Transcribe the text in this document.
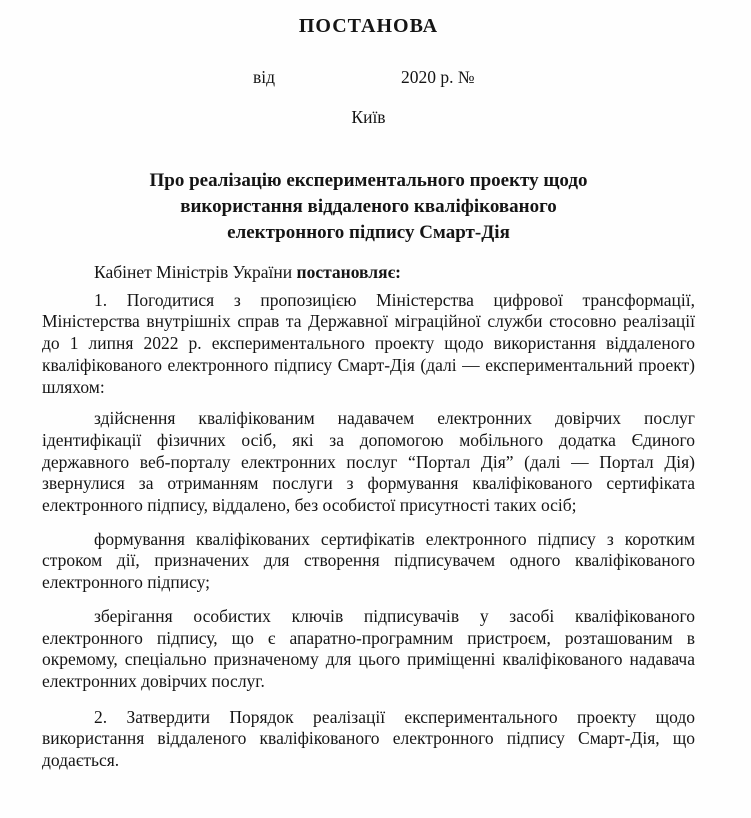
ПОСТАНОВА
від	2020 р. №
Київ
Про реалізацію експериментального проекту щодо
використання віддаленого кваліфікованого
електронного підпису Смарт-Дія
Кабінет Міністрів України постановляє:

1. Погодитися з пропозицією Міністерства цифрової трансформації, Міністерства внутрішніх справ та Державної міграційної служби стосовно реалізації до 1 липня 2022 р. експериментального проекту щодо використання віддаленого кваліфікованого електронного підпису Смарт-Дія (далі — експериментальний проект) шляхом:

здійснення кваліфікованим надавачем електронних довірчих послуг ідентифікації фізичних осіб, які за допомогою мобільного додатка Єдиного державного веб-порталу електронних послуг “Портал Дія” (далі — Портал Дія) звернулися за отриманням послуги з формування кваліфікованого сертифіката електронного підпису, віддалено, без особистої присутності таких осіб;

формування кваліфікованих сертифікатів електронного підпису з коротким строком дії, призначених для створення підписувачем одного кваліфікованого електронного підпису;

зберігання особистих ключів підписувачів у засобі кваліфікованого електронного підпису, що є апаратно-програмним пристроєм, розташованим в окремому, спеціально призначеному для цього приміщенні кваліфікованого надавача електронних довірчих послуг.

2. Затвердити Порядок реалізації експериментального проекту щодо використання віддаленого кваліфікованого електронного підпису Смарт-Дія, що додається.
